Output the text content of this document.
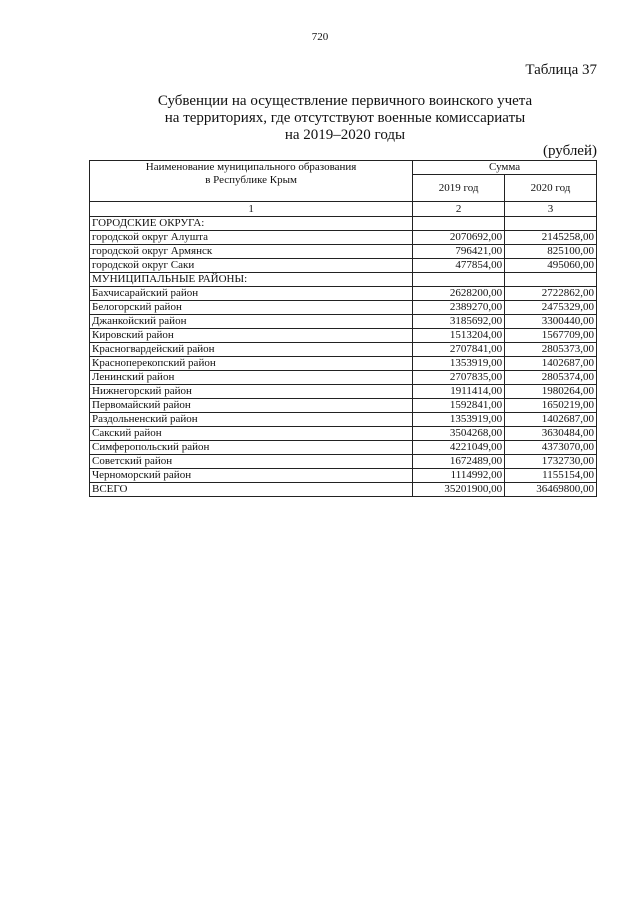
720
Таблица 37
Субвенции на осуществление первичного воинского учета
на территориях, где отсутствуют военные комиссариаты
на 2019–2020 годы
(рублей)
Наименование муниципального образования
в Республике Крым	Сумма	
	2019 год	2020 год
1	2	3
ГОРОДСКИЕ ОКРУГА:		
городской округ Алушта	2070692,00	2145258,00
городской округ Армянск	796421,00	825100,00
городской округ Саки	477854,00	495060,00
МУНИЦИПАЛЬНЫЕ РАЙОНЫ:		
Бахчисарайский район	2628200,00	2722862,00
Белогорский район	2389270,00	2475329,00
Джанкойский район	3185692,00	3300440,00
Кировский район	1513204,00	1567709,00
Красногвардейский район	2707841,00	2805373,00
Красноперекопский район	1353919,00	1402687,00
Ленинский район	2707835,00	2805374,00
Нижнегорский район	1911414,00	1980264,00
Первомайский район	1592841,00	1650219,00
Раздольненский район	1353919,00	1402687,00
Сакский район	3504268,00	3630484,00
Симферопольский район	4221049,00	4373070,00
Советский район	1672489,00	1732730,00
Черноморский район	1114992,00	1155154,00
ВСЕГО	35201900,00	36469800,00
